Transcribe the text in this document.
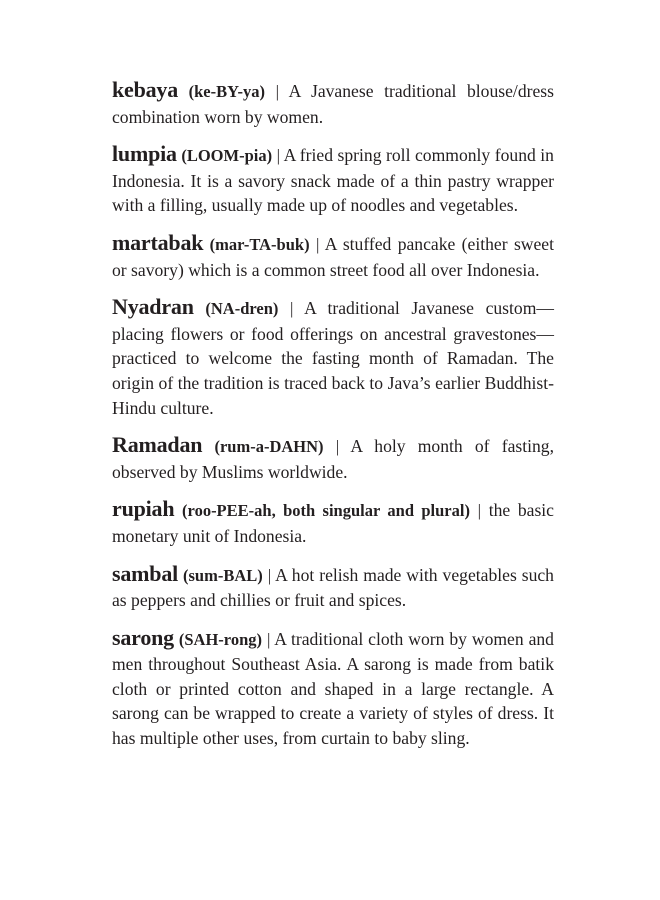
kebaya (ke-BY-ya) | A Javanese traditional blouse/dress combination worn by women.

lumpia (LOOM-pia) | A fried spring roll commonly found in Indonesia. It is a savory snack made of a thin pastry wrapper with a filling, usually made up of noodles and vegetables.

martabak (mar-TA-buk) | A stuffed pancake (either sweet or savory) which is a common street food all over Indonesia.

Nyadran (NA-dren) | A traditional Javanese custom—placing flowers or food offerings on ancestral gravestones—practiced to welcome the fasting month of Ramadan. The origin of the tradition is traced back to Java’s earlier Buddhist-Hindu culture.

Ramadan (rum-a-DAHN) | A holy month of fasting, observed by Muslims worldwide.

rupiah (roo-PEE-ah, both singular and plural) | the basic monetary unit of Indonesia.

sambal (sum-BAL) | A hot relish made with vegetables such as peppers and chillies or fruit and spices.

sarong (SAH-rong) | A traditional cloth worn by women and men throughout Southeast Asia. A sarong is made from batik cloth or printed cotton and shaped in a large rectangle. A sarong can be wrapped to create a variety of styles of dress. It has multiple other uses, from curtain to baby sling.
